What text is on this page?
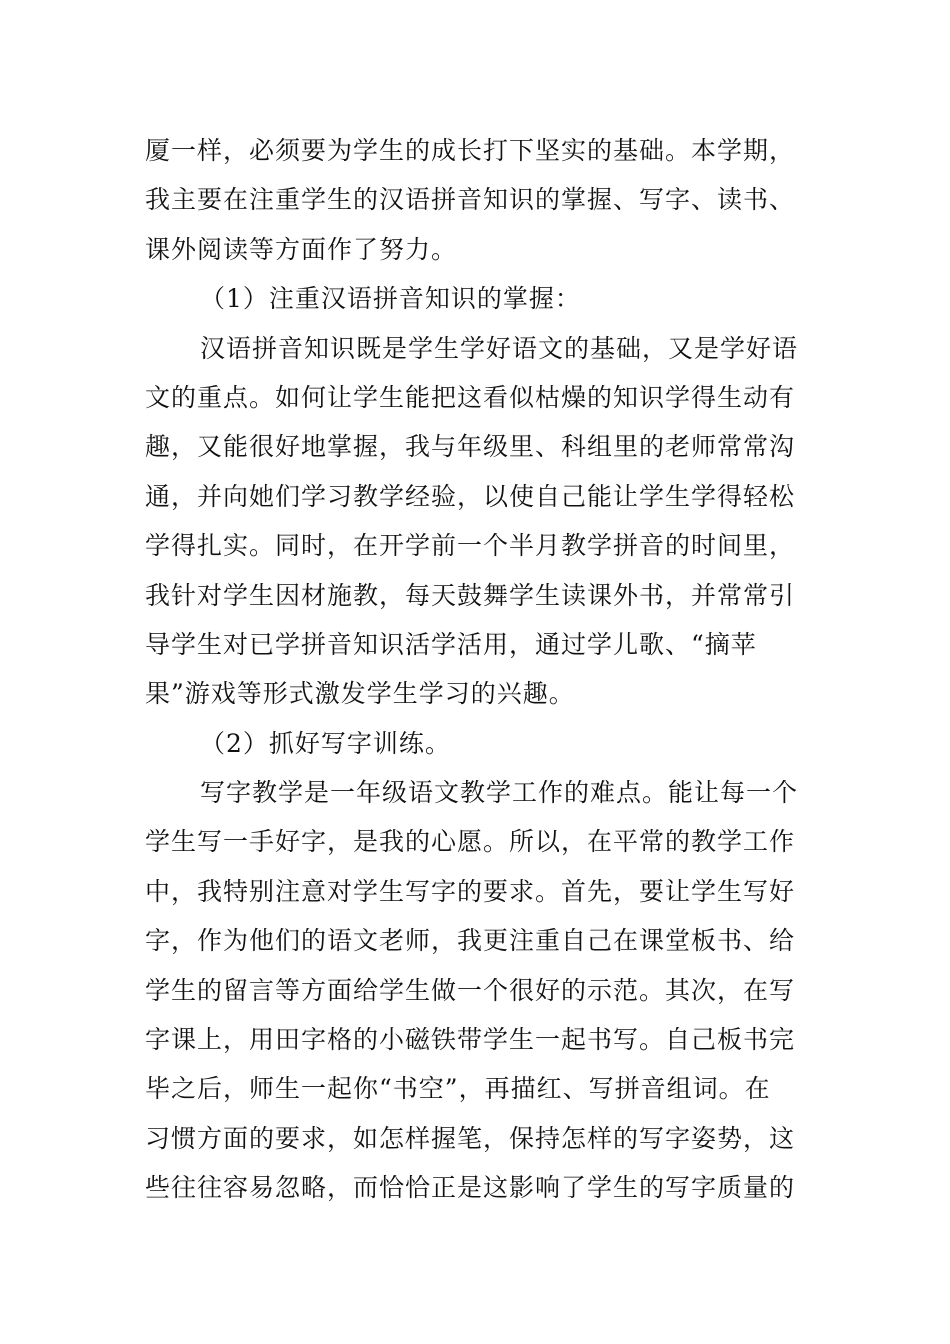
厦一样，必须要为学生的成长打下坚实的基础。本学期，
我主要在注重学生的汉语拼音知识的掌握、写字、读书、
课外阅读等方面作了努力。
（1）注重汉语拼音知识的掌握：
汉语拼音知识既是学生学好语文的基础，又是学好语
文的重点。如何让学生能把这看似枯燥的知识学得生动有
趣，又能很好地掌握，我与年级里、科组里的老师常常沟
通，并向她们学习教学经验，以使自己能让学生学得轻松
学得扎实。同时，在开学前一个半月教学拼音的时间里，
我针对学生因材施教，每天鼓舞学生读课外书，并常常引
导学生对已学拼音知识活学活用，通过学儿歌、“摘苹
果”游戏等形式激发学生学习的兴趣。
（2）抓好写字训练。
写字教学是一年级语文教学工作的难点。能让每一个
学生写一手好字，是我的心愿。所以，在平常的教学工作
中，我特别注意对学生写字的要求。首先，要让学生写好
字，作为他们的语文老师，我更注重自己在课堂板书、给
学生的留言等方面给学生做一个很好的示范。其次，在写
字课上，用田字格的小磁铁带学生一起书写。自己板书完
毕之后，师生一起你“书空”，再描红、写拼音组词。在
习惯方面的要求，如怎样握笔，保持怎样的写字姿势，这
些往往容易忽略，而恰恰正是这影响了学生的写字质量的
